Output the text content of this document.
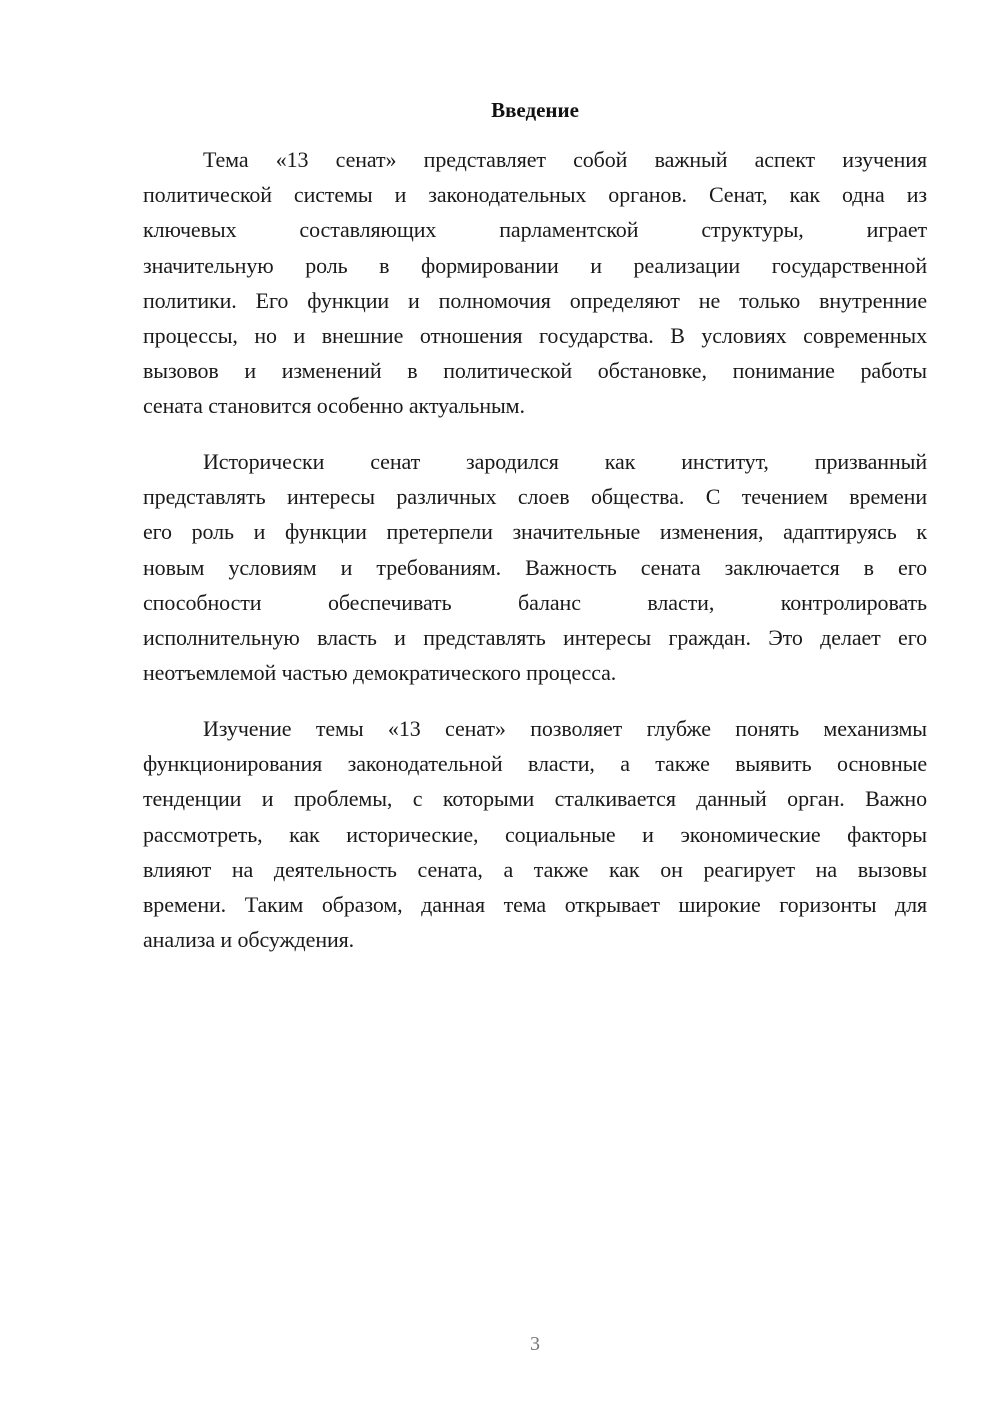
Введение
Тема «13 сенат» представляет собой важный аспект изучения
политической системы и законодательных органов. Сенат, как одна из
ключевых составляющих парламентской структуры, играет
значительную роль в формировании и реализации государственной
политики. Его функции и полномочия определяют не только внутренние
процессы, но и внешние отношения государства. В условиях современных
вызовов и изменений в политической обстановке, понимание работы
сената становится особенно актуальным.
Исторически сенат зародился как институт, призванный
представлять интересы различных слоев общества. С течением времени
его роль и функции претерпели значительные изменения, адаптируясь к
новым условиям и требованиям. Важность сената заключается в его
способности обеспечивать баланс власти, контролировать
исполнительную власть и представлять интересы граждан. Это делает его
неотъемлемой частью демократического процесса.
Изучение темы «13 сенат» позволяет глубже понять механизмы
функционирования законодательной власти, а также выявить основные
тенденции и проблемы, с которыми сталкивается данный орган. Важно
рассмотреть, как исторические, социальные и экономические факторы
влияют на деятельность сената, а также как он реагирует на вызовы
времени. Таким образом, данная тема открывает широкие горизонты для
анализа и обсуждения.
3
